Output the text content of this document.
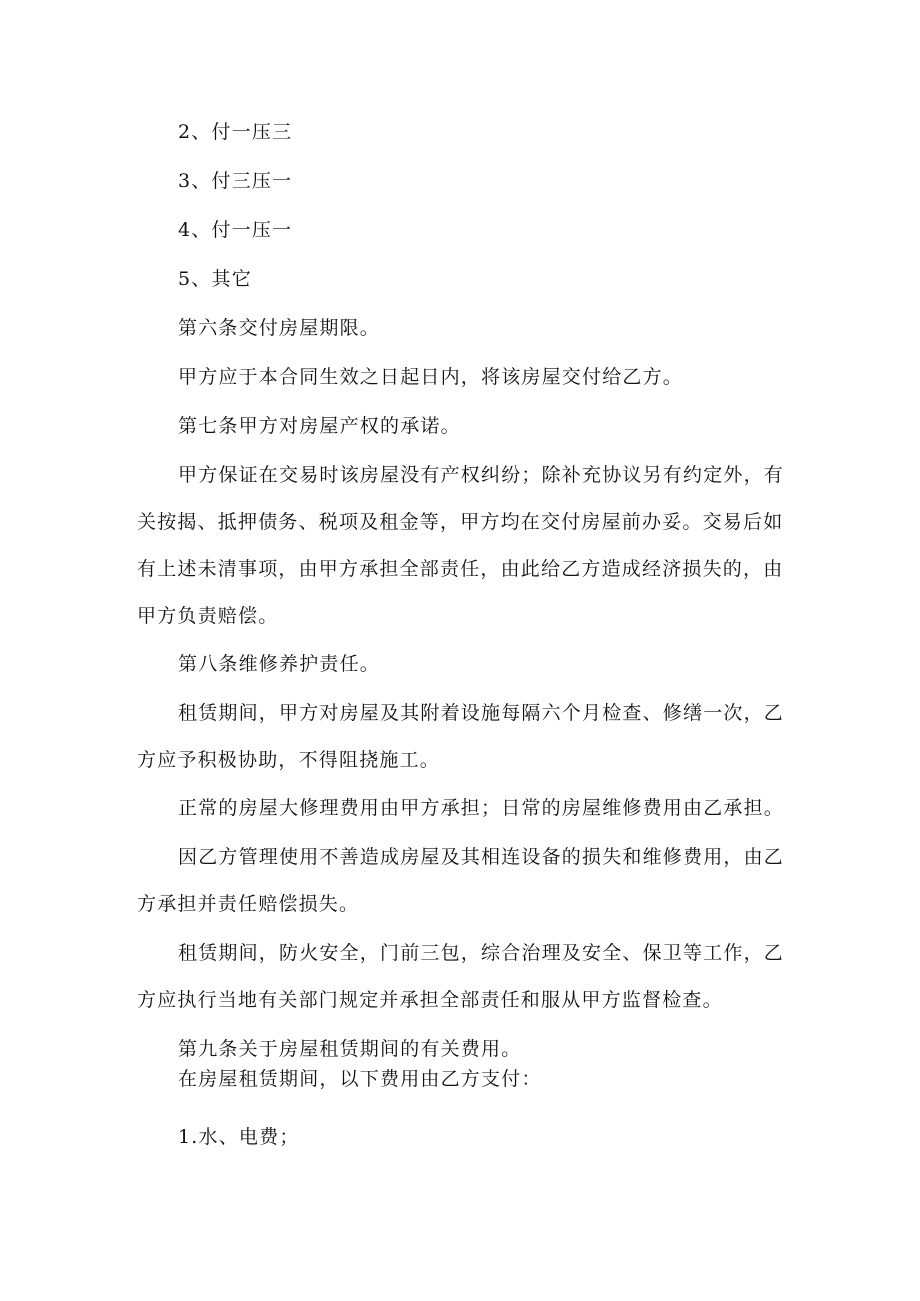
2、付一压三
3、付三压一
4、付一压一
5、其它
第六条交付房屋期限。
甲方应于本合同生效之日起日内，将该房屋交付给乙方。
第七条甲方对房屋产权的承诺。
甲方保证在交易时该房屋没有产权纠纷；除补充协议另有约定外，有
关按揭、抵押债务、税项及租金等，甲方均在交付房屋前办妥。交易后如
有上述未清事项，由甲方承担全部责任，由此给乙方造成经济损失的，由
甲方负责赔偿。
第八条维修养护责任。
租赁期间，甲方对房屋及其附着设施每隔六个月检查、修缮一次，乙
方应予积极协助，不得阻挠施工。
正常的房屋大修理费用由甲方承担；日常的房屋维修费用由乙承担。
因乙方管理使用不善造成房屋及其相连设备的损失和维修费用，由乙
方承担并责任赔偿损失。
租赁期间，防火安全，门前三包，综合治理及安全、保卫等工作，乙
方应执行当地有关部门规定并承担全部责任和服从甲方监督检查。
第九条关于房屋租赁期间的有关费用。
在房屋租赁期间，以下费用由乙方支付：
1.水、电费；
